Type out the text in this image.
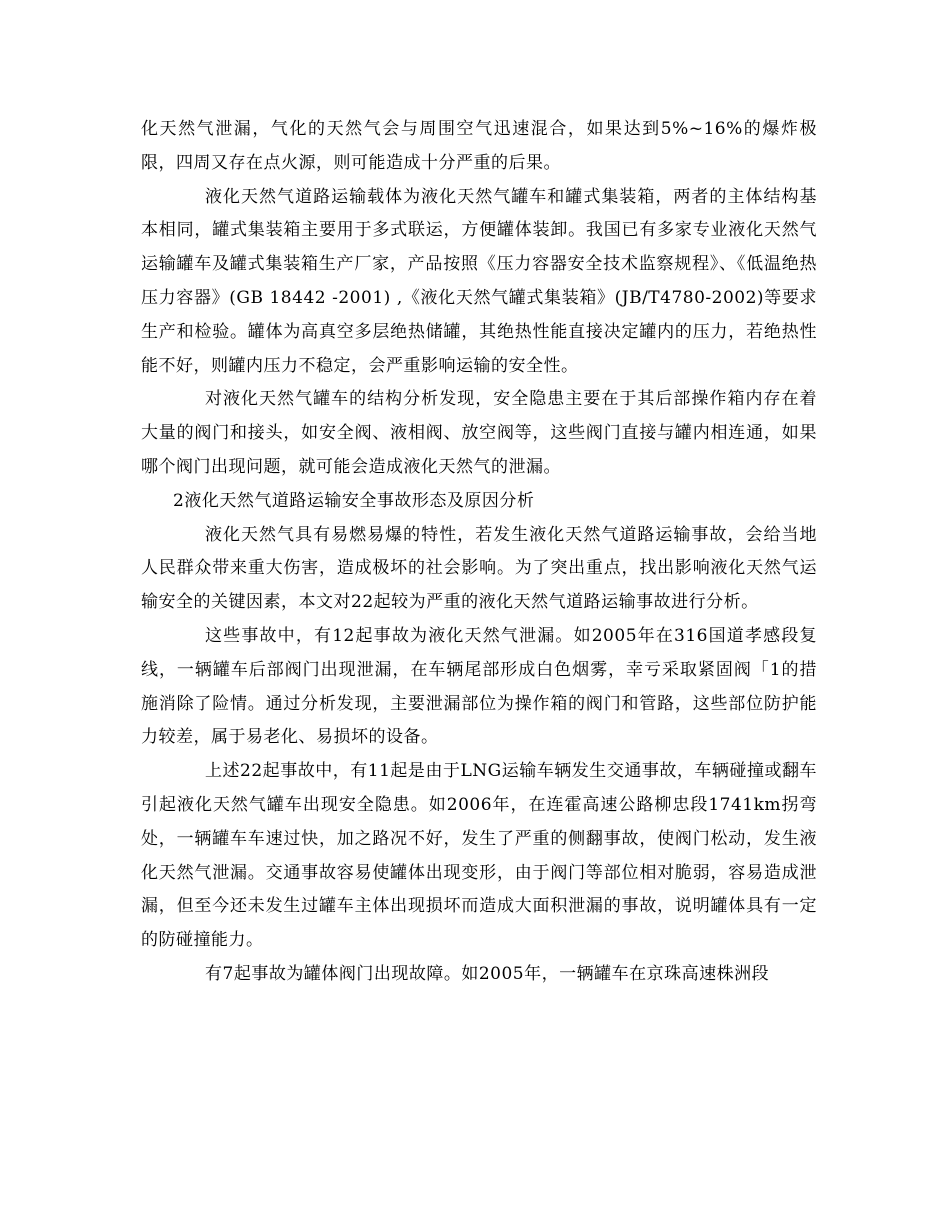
化天然气泄漏，气化的天然气会与周围空气迅速混合，如果达到5%~16%的爆炸极限，四周又存在点火源，则可能造成十分严重的后果。

液化天然气道路运输载体为液化天然气罐车和罐式集装箱，两者的主体结构基本相同，罐式集装箱主要用于多式联运，方便罐体装卸。我国已有多家专业液化天然气运输罐车及罐式集装箱生产厂家，产品按照《压力容器安全技术监察规程》、《低温绝热压力容器》(GB 18442 -2001) ,《液化天然气罐式集装箱》(JB/T4780-2002)等要求生产和检验。罐体为高真空多层绝热储罐，其绝热性能直接决定罐内的压力，若绝热性能不好，则罐内压力不稳定，会严重影响运输的安全性。

对液化天然气罐车的结构分析发现，安全隐患主要在于其后部操作箱内存在着大量的阀门和接头，如安全阀、液相阀、放空阀等，这些阀门直接与罐内相连通，如果哪个阀门出现问题，就可能会造成液化天然气的泄漏。

2液化天然气道路运输安全事故形态及原因分析

液化天然气具有易燃易爆的特性，若发生液化天然气道路运输事故，会给当地人民群众带来重大伤害，造成极坏的社会影响。为了突出重点，找出影响液化天然气运输安全的关键因素，本文对22起较为严重的液化天然气道路运输事故进行分析。

这些事故中，有12起事故为液化天然气泄漏。如2005年在316国道孝感段复线，一辆罐车后部阀门出现泄漏，在车辆尾部形成白色烟雾，幸亏采取紧固阀「1的措施消除了险情。通过分析发现，主要泄漏部位为操作箱的阀门和管路，这些部位防护能力较差，属于易老化、易损坏的设备。

上述22起事故中，有11起是由于LNG运输车辆发生交通事故，车辆碰撞或翻车引起液化天然气罐车出现安全隐患。如2006年，在连霍高速公路柳忠段1741km拐弯处，一辆罐车车速过快，加之路况不好，发生了严重的侧翻事故，使阀门松动，发生液化天然气泄漏。交通事故容易使罐体出现变形，由于阀门等部位相对脆弱，容易造成泄漏，但至今还未发生过罐车主体出现损坏而造成大面积泄漏的事故，说明罐体具有一定的防碰撞能力。

有7起事故为罐体阀门出现故障。如2005年，一辆罐车在京珠高速株洲段
